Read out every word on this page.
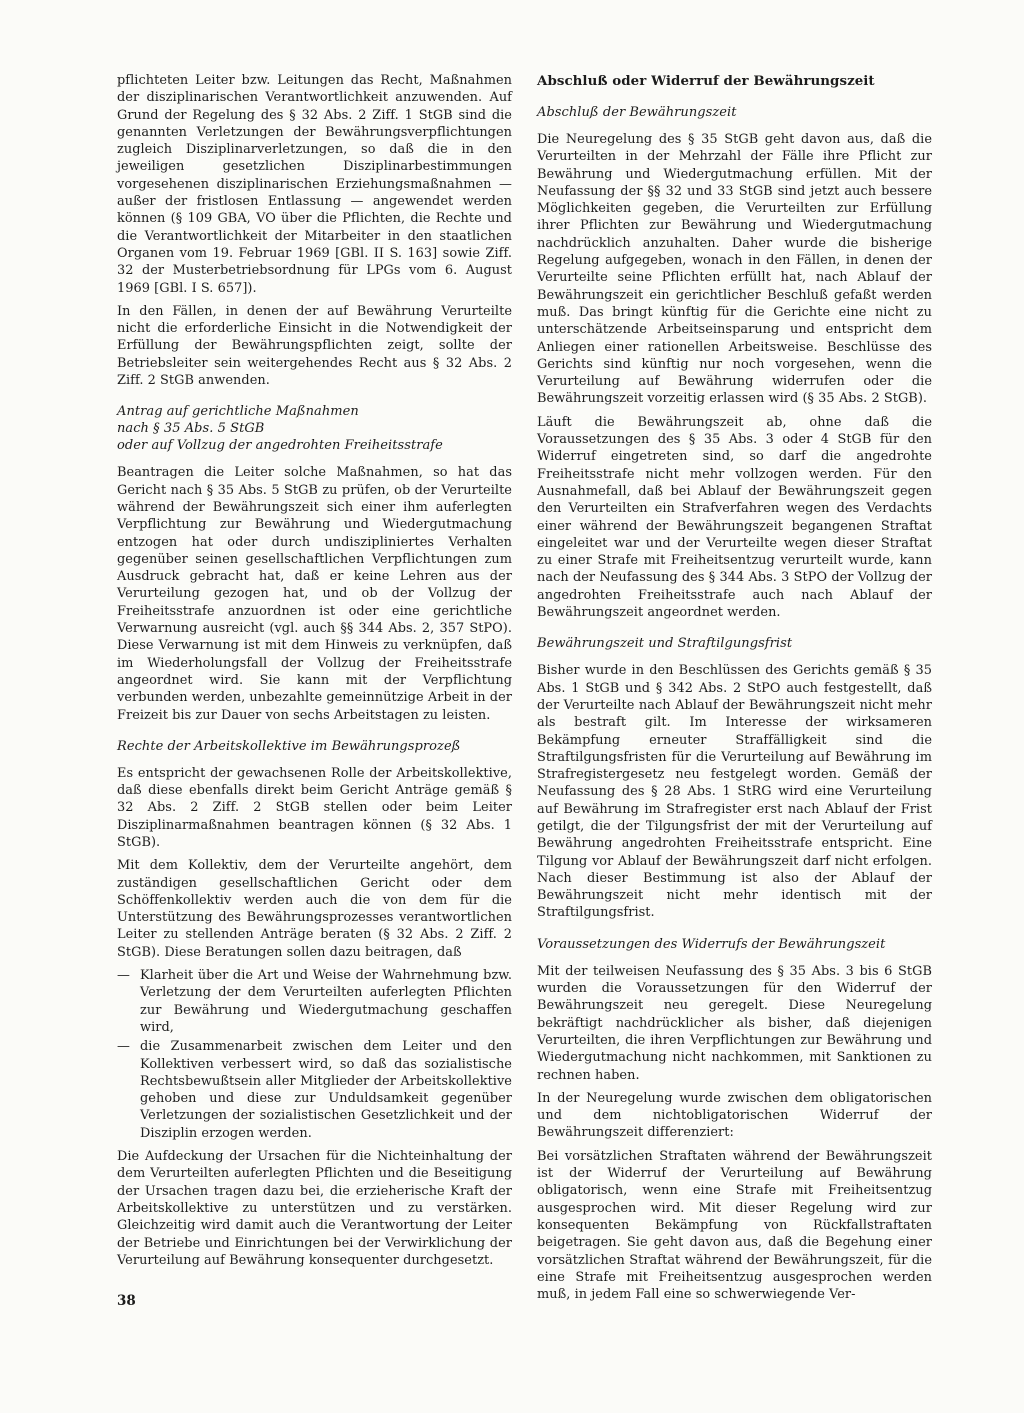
pflichteten Leiter bzw. Leitungen das Recht, Maßnahmen der disziplinarischen Verantwortlichkeit anzuwenden. Auf Grund der Regelung des § 32 Abs. 2 Ziff. 1 StGB sind die genannten Verletzungen der Bewährungsverpflichtungen zugleich Disziplinarverletzungen, so daß die in den jeweiligen gesetzlichen Disziplinarbestimmungen vorgesehenen disziplinarischen Erziehungsmaßnahmen — außer der fristlosen Entlassung — angewendet werden können (§ 109 GBA, VO über die Pflichten, die Rechte und die Verantwortlichkeit der Mitarbeiter in den staatlichen Organen vom 19. Februar 1969 [GBl. II S. 163] sowie Ziff. 32 der Musterbetriebsordnung für LPGs vom 6. August 1969 [GBl. I S. 657]).

In den Fällen, in denen der auf Bewährung Verurteilte nicht die erforderliche Einsicht in die Notwendigkeit der Erfüllung der Bewährungspflichten zeigt, sollte der Betriebsleiter sein weitergehendes Recht aus § 32 Abs. 2 Ziff. 2 StGB anwenden.

Antrag auf gerichtliche Maßnahmen
nach § 35 Abs. 5 StGB
oder auf Vollzug der angedrohten Freiheitsstrafe

Beantragen die Leiter solche Maßnahmen, so hat das Gericht nach § 35 Abs. 5 StGB zu prüfen, ob der Verurteilte während der Bewährungszeit sich einer ihm auferlegten Verpflichtung zur Bewährung und Wiedergutmachung entzogen hat oder durch undiszipliniertes Verhalten gegenüber seinen gesellschaftlichen Verpflichtungen zum Ausdruck gebracht hat, daß er keine Lehren aus der Verurteilung gezogen hat, und ob der Vollzug der Freiheitsstrafe anzuordnen ist oder eine gerichtliche Verwarnung ausreicht (vgl. auch §§ 344 Abs. 2, 357 StPO). Diese Verwarnung ist mit dem Hinweis zu verknüpfen, daß im Wiederholungsfall der Vollzug der Freiheitsstrafe angeordnet wird. Sie kann mit der Verpflichtung verbunden werden, unbezahlte gemeinnützige Arbeit in der Freizeit bis zur Dauer von sechs Arbeitstagen zu leisten.

Rechte der Arbeitskollektive im Bewährungsprozeß

Es entspricht der gewachsenen Rolle der Arbeitskollektive, daß diese ebenfalls direkt beim Gericht Anträge gemäß § 32 Abs. 2 Ziff. 2 StGB stellen oder beim Leiter Disziplinarmaßnahmen beantragen können (§ 32 Abs. 1 StGB).

Mit dem Kollektiv, dem der Verurteilte angehört, dem zuständigen gesellschaftlichen Gericht oder dem Schöffenkollektiv werden auch die von dem für die Unterstützung des Bewährungsprozesses verantwortlichen Leiter zu stellenden Anträge beraten (§ 32 Abs. 2 Ziff. 2 StGB). Diese Beratungen sollen dazu beitragen, daß

— Klarheit über die Art und Weise der Wahrnehmung bzw. Verletzung der dem Verurteilten auferlegten Pflichten zur Bewährung und Wiedergutmachung geschaffen wird,
— die Zusammenarbeit zwischen dem Leiter und den Kollektiven verbessert wird, so daß das sozialistische Rechtsbewußtsein aller Mitglieder der Arbeitskollektive gehoben und diese zur Unduldsamkeit gegenüber Verletzungen der sozialistischen Gesetzlichkeit und der Disziplin erzogen werden.

Die Aufdeckung der Ursachen für die Nichteinhaltung der dem Verurteilten auferlegten Pflichten und die Beseitigung der Ursachen tragen dazu bei, die erzieherische Kraft der Arbeitskollektive zu unterstützen und zu verstärken. Gleichzeitig wird damit auch die Verantwortung der Leiter der Betriebe und Einrichtungen bei der Verwirklichung der Verurteilung auf Bewährung konsequenter durchgesetzt.

Abschluß oder Widerruf der Bewährungszeit
Abschluß der Bewährungszeit

Die Neuregelung des § 35 StGB geht davon aus, daß die Verurteilten in der Mehrzahl der Fälle ihre Pflicht zur Bewährung und Wiedergutmachung erfüllen. Mit der Neufassung der §§ 32 und 33 StGB sind jetzt auch bessere Möglichkeiten gegeben, die Verurteilten zur Erfüllung ihrer Pflichten zur Bewährung und Wiedergutmachung nachdrücklich anzuhalten. Daher wurde die bisherige Regelung aufgegeben, wonach in den Fällen, in denen der Verurteilte seine Pflichten erfüllt hat, nach Ablauf der Bewährungszeit ein gerichtlicher Beschluß gefaßt werden muß. Das bringt künftig für die Gerichte eine nicht zu unterschätzende Arbeitseinsparung und entspricht dem Anliegen einer rationellen Arbeitsweise. Beschlüsse des Gerichts sind künftig nur noch vorgesehen, wenn die Verurteilung auf Bewährung widerrufen oder die Bewährungszeit vorzeitig erlassen wird (§ 35 Abs. 2 StGB).

Läuft die Bewährungszeit ab, ohne daß die Voraussetzungen des § 35 Abs. 3 oder 4 StGB für den Widerruf eingetreten sind, so darf die angedrohte Freiheitsstrafe nicht mehr vollzogen werden. Für den Ausnahmefall, daß bei Ablauf der Bewährungszeit gegen den Verurteilten ein Strafverfahren wegen des Verdachts einer während der Bewährungszeit begangenen Straftat eingeleitet war und der Verurteilte wegen dieser Straftat zu einer Strafe mit Freiheitsentzug verurteilt wurde, kann nach der Neufassung des § 344 Abs. 3 StPO der Vollzug der angedrohten Freiheitsstrafe auch nach Ablauf der Bewährungszeit angeordnet werden.

Bewährungszeit und Straftilgungsfrist

Bisher wurde in den Beschlüssen des Gerichts gemäß § 35 Abs. 1 StGB und § 342 Abs. 2 StPO auch festgestellt, daß der Verurteilte nach Ablauf der Bewährungszeit nicht mehr als bestraft gilt. Im Interesse der wirksameren Bekämpfung erneuter Straffälligkeit sind die Straftilgungsfristen für die Verurteilung auf Bewährung im Strafregistergesetz neu festgelegt worden. Gemäß der Neufassung des § 28 Abs. 1 StRG wird eine Verurteilung auf Bewährung im Strafregister erst nach Ablauf der Frist getilgt, die der Tilgungsfrist der mit der Verurteilung auf Bewährung angedrohten Freiheitsstrafe entspricht. Eine Tilgung vor Ablauf der Bewährungszeit darf nicht erfolgen. Nach dieser Bestimmung ist also der Ablauf der Bewährungszeit nicht mehr identisch mit der Straftilgungsfrist.

Voraussetzungen des Widerrufs der Bewährungszeit

Mit der teilweisen Neufassung des § 35 Abs. 3 bis 6 StGB wurden die Voraussetzungen für den Widerruf der Bewährungszeit neu geregelt. Diese Neuregelung bekräftigt nachdrücklicher als bisher, daß diejenigen Verurteilten, die ihren Verpflichtungen zur Bewährung und Wiedergutmachung nicht nachkommen, mit Sanktionen zu rechnen haben.

In der Neuregelung wurde zwischen dem obligatorischen und dem nichtobligatorischen Widerruf der Bewährungszeit differenziert:

Bei vorsätzlichen Straftaten während der Bewährungszeit ist der Widerruf der Verurteilung auf Bewährung obligatorisch, wenn eine Strafe mit Freiheitsentzug ausgesprochen wird. Mit dieser Regelung wird zur konsequenten Bekämpfung von Rückfallstraftaten beigetragen. Sie geht davon aus, daß die Begehung einer vorsätzlichen Straftat während der Bewährungszeit, für die eine Strafe mit Freiheitsentzug ausgesprochen werden muß, in jedem Fall eine so schwerwiegende Ver-

38
